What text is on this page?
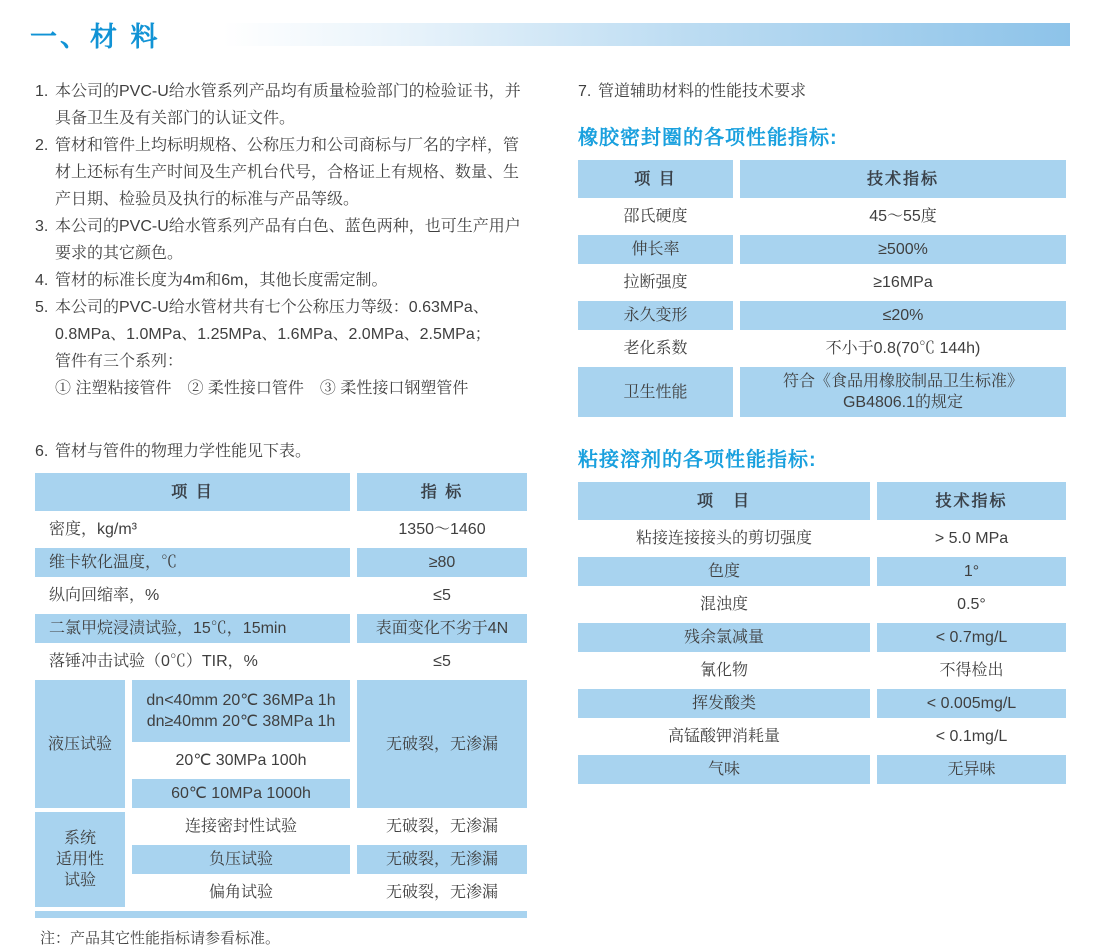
一、材 料
1. 本公司的PVC-U给水管系列产品均有质量检验部门的检验证书，并具备卫生及有关部门的认证文件。
2. 管材和管件上均标明规格、公称压力和公司商标与厂名的字样，管材上还标有生产时间及生产机台代号，合格证上有规格、数量、生产日期、检验员及执行的标准与产品等级。
3. 本公司的PVC-U给水管系列产品有白色、蓝色两种，也可生产用户要求的其它颜色。
4. 管材的标准长度为4m和6m，其他长度需定制。
5. 本公司的PVC-U给水管材共有七个公称压力等级：0.63MPa、0.8MPa、1.0MPa、1.25MPa、1.6MPa、2.0MPa、2.5MPa；
管件有三个系列：
① 注塑粘接管件　② 柔性接口管件　③ 柔性接口钢塑管件
6. 管材与管件的物理力学性能见下表。
项 目		指 标
密度，kg/m³		1350～1460
维卡软化温度，℃		≥80
纵向回缩率，%		≤5
二氯甲烷浸渍试验，15℃，15min		表面变化不劣于4N
落锤冲击试验（0℃）TIR，%		≤5
液压试验	dn<40mm 20℃ 36MPa 1h
dn≥40mm 20℃ 38MPa 1h	无破裂，无渗漏
	20℃ 30MPa 100h	
	60℃ 10MPa 1000h	

系统
适用性
试验	连接密封性试验	无破裂，无渗漏
	负压试验	无破裂，无渗漏
	偏角试验	无破裂，无渗漏

注：产品其它性能指标请参看标准。
7. 管道辅助材料的性能技术要求
橡胶密封圈的各项性能指标:
项 目	技术指标
邵氏硬度	45～55度
伸长率	≥500%
拉断强度	≥16MPa
永久变形	≤20%
老化系数	不小于0.8(70℃ 144h)
卫生性能	符合《食品用橡胶制品卫生标准》GB4806.1的规定
粘接溶剂的各项性能指标:
项　目	技术指标
粘接连接接头的剪切强度	> 5.0 MPa
色度	1°
混浊度	0.5°
残余氯减量	< 0.7mg/L
氰化物	不得检出
挥发酸类	< 0.005mg/L
高锰酸钾消耗量	< 0.1mg/L
气味	无异味
